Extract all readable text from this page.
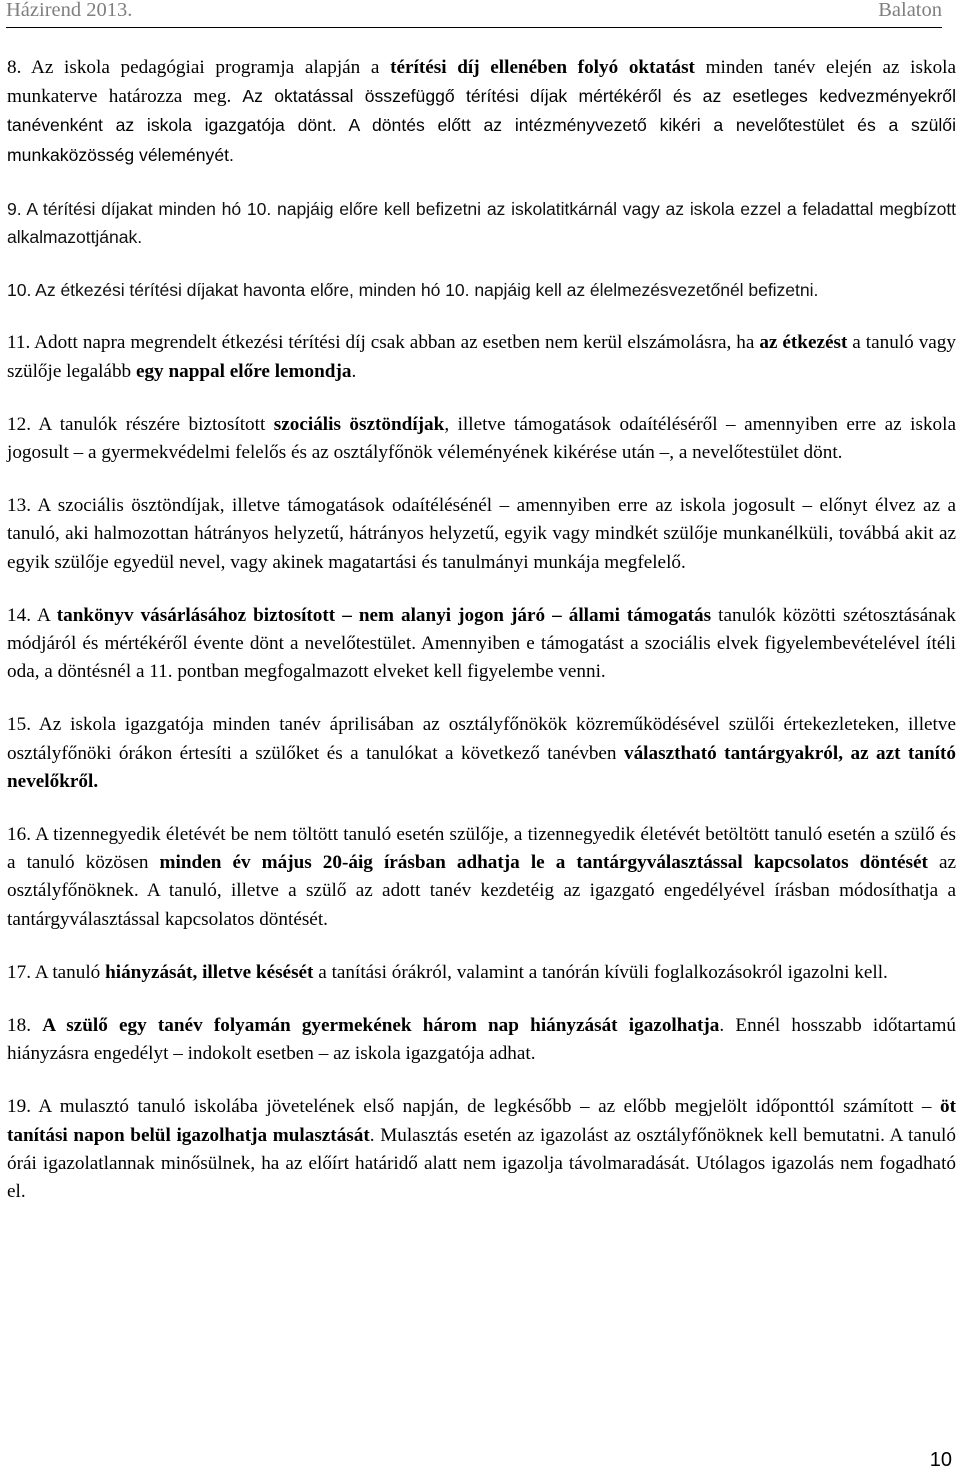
Házirend 2013.	Balaton

8. Az iskola pedagógiai programja alapján a térítési díj ellenében folyó oktatást minden tanév elején az iskola munkaterve határozza meg. Az oktatással összefüggő térítési díjak mértékéről és az esetleges kedvezményekről tanévenként az iskola igazgatója dönt. A döntés előtt az intézményvezető kikéri a nevelőtestület és a szülői munkaközösség véleményét.

9. A térítési díjakat minden hó 10. napjáig előre kell befizetni az iskolatitkárnál vagy az iskola ezzel a feladattal megbízott alkalmazottjának.

10. Az étkezési térítési díjakat havonta előre, minden hó 10. napjáig kell az élelmezésvezetőnél befizetni.

11. Adott napra megrendelt étkezési térítési díj csak abban az esetben nem kerül elszámolásra, ha az étkezést a tanuló vagy szülője legalább egy nappal előre lemondja.

12. A tanulók részére biztosított szociális ösztöndíjak, illetve támogatások odaítéléséről – amennyiben erre az iskola jogosult – a gyermekvédelmi felelős és az osztályfőnök véleményének kikérése után –, a nevelőtestület dönt.

13. A szociális ösztöndíjak, illetve támogatások odaítélésénél – amennyiben erre az iskola jogosult – előnyt élvez az a tanuló, aki halmozottan hátrányos helyzetű, hátrányos helyzetű, egyik vagy mindkét szülője munkanélküli, továbbá akit az egyik szülője egyedül nevel, vagy akinek magatartási és tanulmányi munkája megfelelő.

14. A tankönyv vásárlásához biztosított – nem alanyi jogon járó – állami támogatás tanulók közötti szétosztásának módjáról és mértékéről évente dönt a nevelőtestület. Amennyiben e támogatást a szociális elvek figyelembevételével ítéli oda, a döntésnél a 11. pontban megfogalmazott elveket kell figyelembe venni.

15. Az iskola igazgatója minden tanév áprilisában az osztályfőnökök közreműködésével szülői értekezleteken, illetve osztályfőnöki órákon értesíti a szülőket és a tanulókat a következő tanévben választható tantárgyakról, az azt tanító nevelőkről.

16. A tizennegyedik életévét be nem töltött tanuló esetén szülője, a tizennegyedik életévét betöltött tanuló esetén a szülő és a tanuló közösen minden év május 20-áig írásban adhatja le a tantárgyválasztással kapcsolatos döntését az osztályfőnöknek. A tanuló, illetve a szülő az adott tanév kezdetéig az igazgató engedélyével írásban módosíthatja a tantárgyválasztással kapcsolatos döntését.

17. A tanuló hiányzását, illetve késését a tanítási órákról, valamint a tanórán kívüli foglalkozásokról igazolni kell.

18. A szülő egy tanév folyamán gyermekének három nap hiányzását igazolhatja. Ennél hosszabb időtartamú hiányzásra engedélyt – indokolt esetben – az iskola igazgatója adhat.

19. A mulasztó tanuló iskolába jövetelének első napján, de legkésőbb – az előbb megjelölt időponttól számított – öt tanítási napon belül igazolhatja mulasztását. Mulasztás esetén az igazolást az osztályfőnöknek kell bemutatni. A tanuló órái igazolatlannak minősülnek, ha az előírt határidő alatt nem igazolja távolmaradását. Utólagos igazolás nem fogadható el.

10
